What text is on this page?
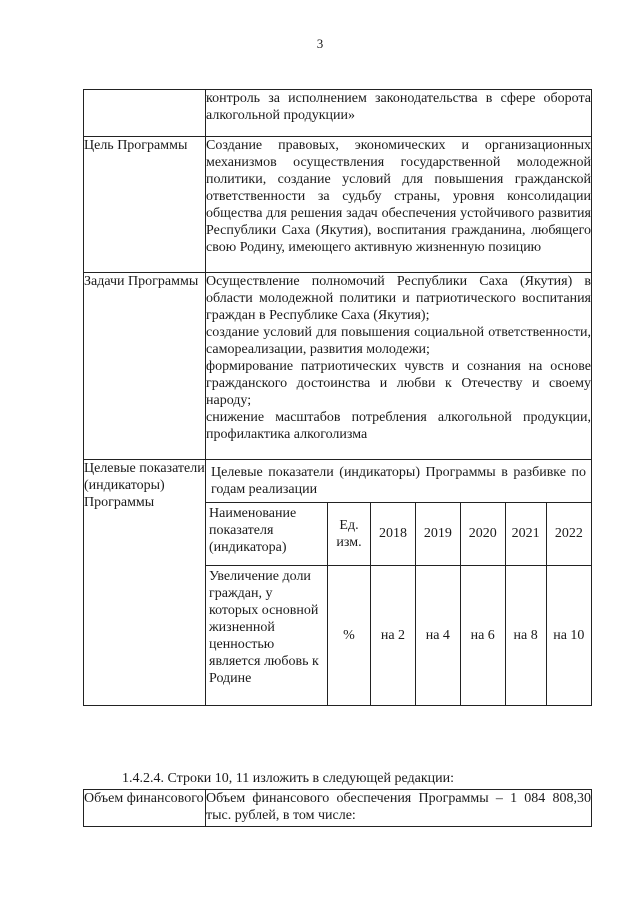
3

контроль за исполнением законодательства в сфере оборота алкогольной продукции»

Цель Программы	Создание правовых, экономических и организационных механизмов осуществления государственной молодежной политики, создание условий для повышения гражданской ответственности за судьбу страны, уровня консолидации общества для решения задач обеспечения устойчивого развития Республики Саха (Якутия), воспитания гражданина, любящего свою Родину, имеющего активную жизненную позицию

Задачи Программы	Осуществление полномочий Республики Саха (Якутия) в области молодежной политики и патриотического воспитания граждан в Республике Саха (Якутия);

создание условий для повышения социальной ответственности, самореализации, развития молодежи;

формирование патриотических чувств и сознания на основе гражданского достоинства и любви к Отечеству и своему народу;

снижение масштабов потребления алкогольной продукции, профилактика алкоголизма

Целевые показатели (индикаторы) Программы	
Целевые показатели (индикаторы) Программы в разбивке по годам реализации
Наименование показателя (индикатора)	Ед. изм.	2018	2019	2020	2021	2022
Увеличение доли граждан, у которых основной жизненной ценностью является любовь к Родине	%	на 2	на 4	на 6	на 8	на 10
1.4.2.4. Строки 10, 11 изложить в следующей редакции:
Объем финансового	Объем финансового обеспечения Программы – 1 084 808,30 тыс. рублей, в том числе:
